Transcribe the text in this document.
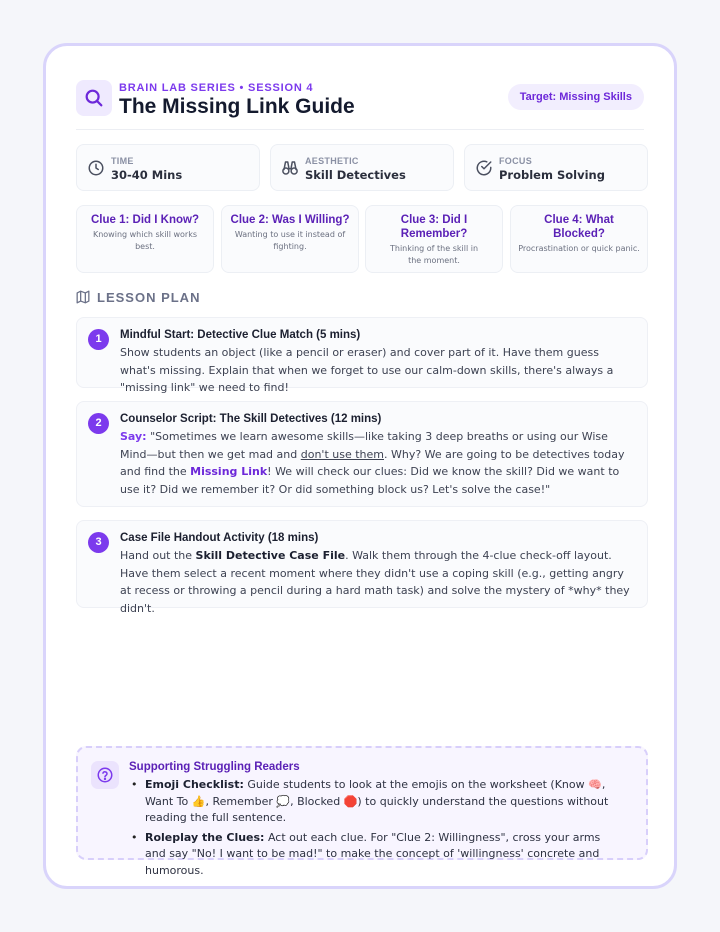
BRAIN LAB SERIES • SESSION 4
The Missing Link Guide	Target: Missing Skills
TIME
30-40 Mins
AESTHETIC
Skill Detectives
FOCUS
Problem Solving
Clue 1: Did I Know?
Knowing which skill works best.
Clue 2: Was I Willing?
Wanting to use it instead of fighting.
Clue 3: Did I Remember?
Thinking of the skill in the moment.
Clue 4: What Blocked?
Procrastination or quick panic.
LESSON PLAN
1	Mindful Start: Detective Clue Match (5 mins)
Show students an object (like a pencil or eraser) and cover part of it. Have them guess what's missing. Explain that when we forget to use our calm-down skills, there's always a "missing link" we need to find!
2	Counselor Script: The Skill Detectives (12 mins)
Say: "Sometimes we learn awesome skills—like taking 3 deep breaths or using our Wise Mind—but then we get mad and don't use them. Why? We are going to be detectives today and find the Missing Link! We will check our clues: Did we know the skill? Did we want to use it? Did we remember it? Or did something block us? Let's solve the case!"
3	Case File Handout Activity (18 mins)
Hand out the Skill Detective Case File. Walk them through the 4-clue check-off layout. Have them select a recent moment where they didn't use a coping skill (e.g., getting angry at recess or throwing a pencil during a hard math task) and solve the mystery of *why* they didn't.
Supporting Struggling Readers
• Emoji Checklist: Guide students to look at the emojis on the worksheet (Know 🧠, Want To 👍, Remember 💭, Blocked 🛑) to quickly understand the questions without reading the full sentence.
• Roleplay the Clues: Act out each clue. For "Clue 2: Willingness", cross your arms and say "No! I want to be mad!" to make the concept of 'willingness' concrete and humorous.
